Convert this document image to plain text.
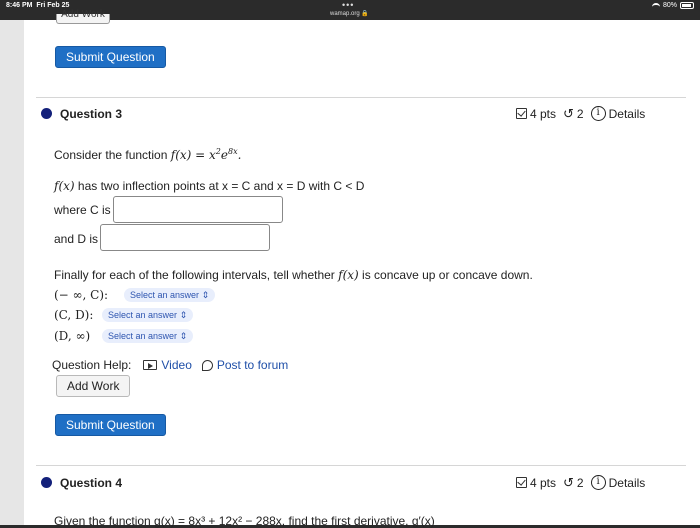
8:46 PM Fri Feb 25	•••
wamap.org 🔒
80%
Add Work
Submit Question
Question 3	4 pts ↺ 2	i Details
Consider the function $f(x) = x^2e^{8x}$.
f(x) has two inflection points at x = C and x = D with C < D
where C is
and D is
Finally for each of the following intervals, tell whether f(x) is concave up or concave down.
(− ∞, C):	Select an answer ⇕
(C, D):	Select an answer ⇕
(D, ∞)	Select an answer ⇕
Question Help:	Video Post to forum
Add Work
Submit Question
Question 4	4 pts ↺ 2	i Details
Given the function g(x) = 8x³ + 12x² − 288x, find the first derivative, g′(x)
